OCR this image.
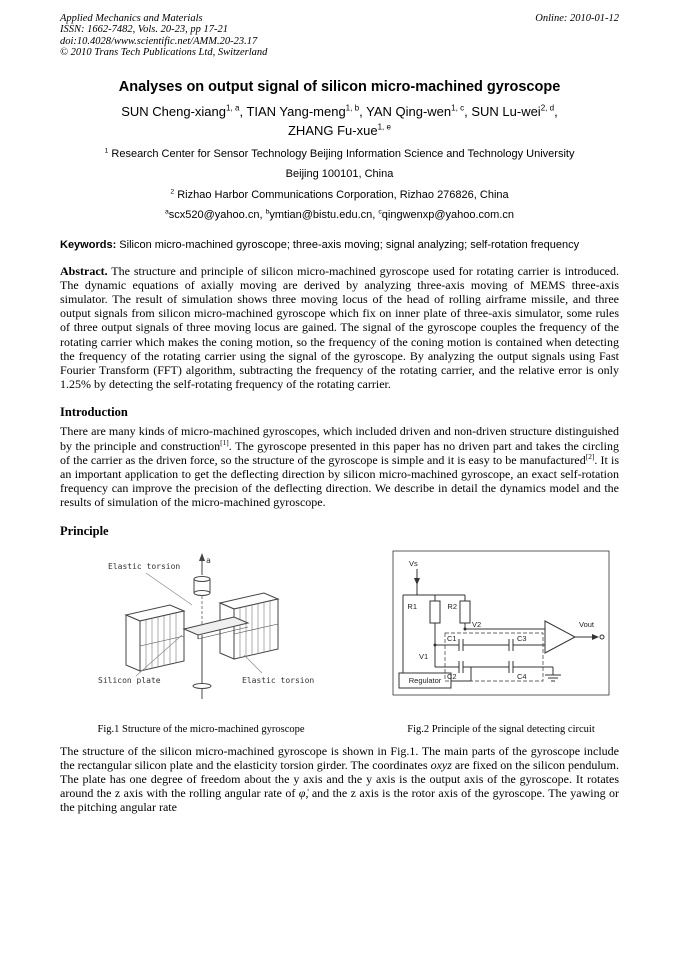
Applied Mechanics and Materials
ISSN: 1662-7482, Vols. 20-23, pp 17-21
doi:10.4028/www.scientific.net/AMM.20-23.17
© 2010 Trans Tech Publications Ltd, Switzerland
Online: 2010-01-12
Analyses on output signal of silicon micro-machined gyroscope
SUN Cheng-xiang$^{1, a}$, TIAN Yang-meng$^{1, b}$, YAN Qing-wen$^{1, c}$, SUN Lu-wei$^{2, d}$,
ZHANG Fu-xue$^{1, e}$
$^1$ Research Center for Sensor Technology Beijing Information Science and Technology University
Beijing 100101, China
$^2$ Rizhao Harbor Communications Corporation, Rizhao 276826, China
$^a$scx520@yahoo.cn, $^b$ymtian@bistu.edu.cn, $^c$qingwenxp@yahoo.com.cn

Keywords: Silicon micro-machined gyroscope; three-axis moving; signal analyzing; self-rotation frequency

Abstract. The structure and principle of silicon micro-machined gyroscope used for rotating carrier is introduced. The dynamic equations of axially moving are derived by analyzing three-axis moving of MEMS three-axis simulator. The result of simulation shows three moving locus of the head of rolling airframe missile, and three output signals from silicon micro-machined gyroscope which fix on inner plate of three-axis simulator, some rules of three output signals of three moving locus are gained. The signal of the gyroscope couples the frequency of the rotating carrier which makes the coning motion, so the frequency of the coning motion is contained when detecting the frequency of the rotating carrier using the signal of the gyroscope. By analyzing the output signals using Fast Fourier Transform (FFT) algorithm, subtracting the frequency of the rotating carrier, and the relative error is only 1.25% by detecting the self-rotating frequency of the rotating carrier.

Introduction

There are many kinds of micro-machined gyroscopes, which included driven and non-driven structure distinguished by the principle and construction[1]. The gyroscope presented in this paper has no driven part and takes the circling of the carrier as the driven force, so the structure of the gyroscope is simple and it is easy to be manufactured[2]. It is an important application to get the deflecting direction by silicon micro-machined gyroscope, an exact self-rotation frequency can improve the precision of the deflecting direction. We describe in detail the dynamics model and the results of simulation of the micro-machined gyroscope.

Principle

a
Elastic torsion
Silicon plate	Elastic torsion
Fig.1 Structure of the micro-machined gyroscope
Vs
R1	R2
V2
V1
C1	C3
C2	C4
Vout
Regulator
Fig.2 Principle of the signal detecting circuit

The structure of the silicon micro-machined gyroscope is shown in Fig.1. The main parts of the gyroscope include the rectangular silicon plate and the elasticity torsion girder. The coordinates oxyz are fixed on the silicon pendulum. The plate has one degree of freedom about the y axis and the y axis is the output axis of the gyroscope. It rotates around the z axis with the rolling angular rate of φ̇, and the z axis is the rotor axis of the gyroscope. The yawing or the pitching angular rate
